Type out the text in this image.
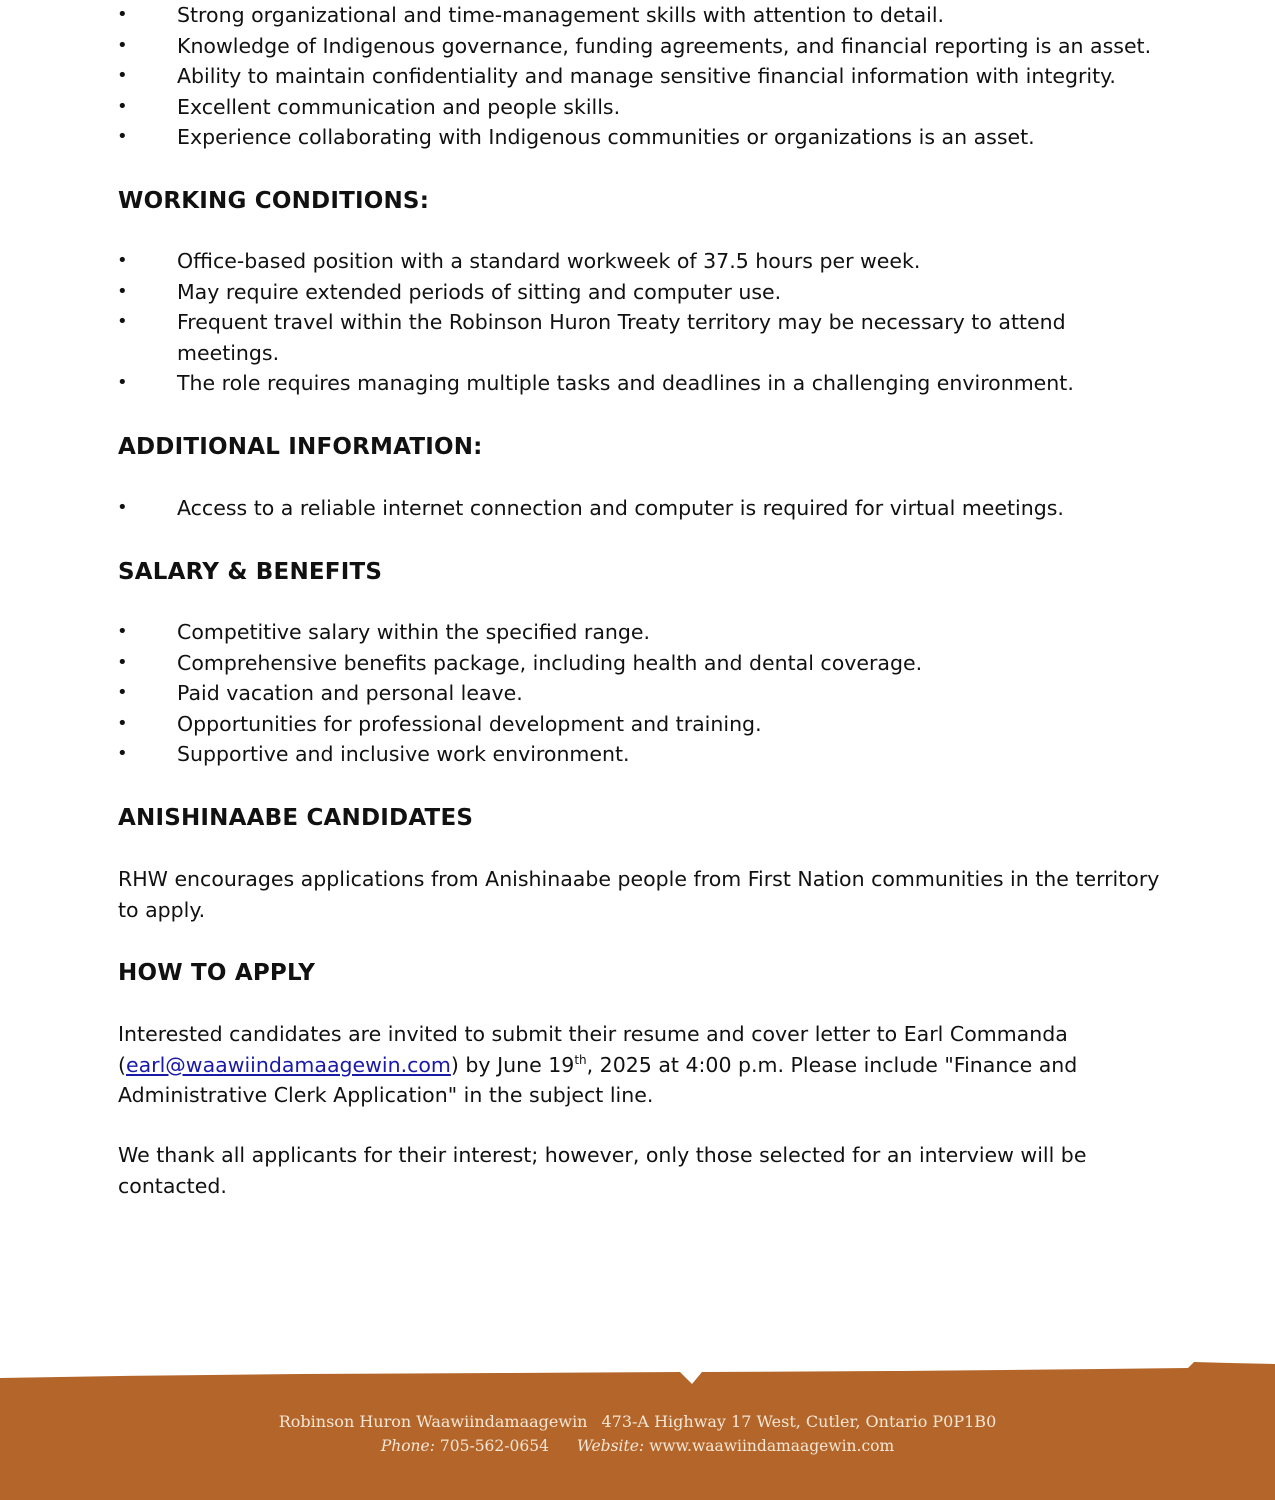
• Strong organizational and time-management skills with attention to detail.
• Knowledge of Indigenous governance, funding agreements, and financial reporting is an asset.
• Ability to maintain confidentiality and manage sensitive financial information with integrity.
• Excellent communication and people skills.
• Experience collaborating with Indigenous communities or organizations is an asset.
WORKING CONDITIONS:
• Office-based position with a standard workweek of 37.5 hours per week.
• May require extended periods of sitting and computer use.
• Frequent travel within the Robinson Huron Treaty territory may be necessary to attend meetings.
• The role requires managing multiple tasks and deadlines in a challenging environment.
ADDITIONAL INFORMATION:
• Access to a reliable internet connection and computer is required for virtual meetings.
SALARY & BENEFITS
• Competitive salary within the specified range.
• Comprehensive benefits package, including health and dental coverage.
• Paid vacation and personal leave.
• Opportunities for professional development and training.
• Supportive and inclusive work environment.
ANISHINAABE CANDIDATES

RHW encourages applications from Anishinaabe people from First Nation communities in the territory to apply.

HOW TO APPLY

Interested candidates are invited to submit their resume and cover letter to Earl Commanda (earl@waawiindamaagewin.com) by June 19th, 2025 at 4:00 p.m. Please include "Finance and Administrative Clerk Application" in the subject line.

We thank all applicants for their interest; however, only those selected for an interview will be contacted.

Robinson Huron Waawiindamaagewin 473-A Highway 17 West, Cutler, Ontario P0P1B0
Phone: 705-562-0654 Website: www.waawiindamaagewin.com
